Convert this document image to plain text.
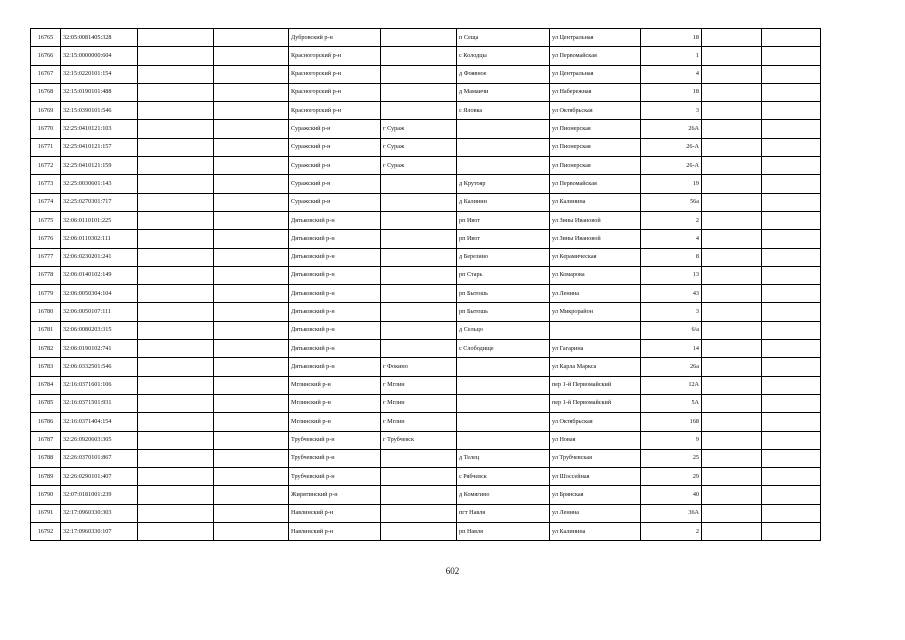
16765	32:05:0081405:328			Дубровский р-н		п Сеща	ул Центральная	18		
16766	32:15:0000000:604			Красногорский р-н		с Колодцы	ул Первомайская	1		
16767	32:15:0220101:154			Красногорский р-н		д Фоявное	ул Центральная	4		
16768	32:15:0190101:488			Красногорский р-н		д Мамаичи	ул Набережная	18		
16769	32:15:0390101:546			Красногорский р-н		с Яловка	ул Октябрьская	3		
16770	32:25:0410121:103			Суражский р-н	г Сураж		ул Пионерская	26А		
16771	32:25:0410121:157			Суражский р-н	г Сураж		ул Пионерская	26-А		
16772	32:25:0410121:159			Суражский р-н	г Сураж		ул Пионерская	26-А		
16773	32:25:0030601:143			Суражский р-н		д Крутояр	ул Первомайская	19		
16774	32:25:0270301:717			Суражский р-н		д Калинин	ул Калинина	56а		
16775	32:06:0110101:225			Дятьковский р-н		рп Ивот	ул Зины Ивановой	2		
16776	32:06:0110302:111			Дятьковский р-н		рп Ивот	ул Зины Ивановой	4		
16777	32:06:0230201:241			Дятьковский р-н		д Березино	ул Керамическая	8		
16778	32:06:0140102:149			Дятьковский р-н		рп Старь	ул Комарова	13		
16779	32:06:0050304:104			Дятьковский р-н		рп Бытошь	ул Ленина	43		
16780	32:06:0050107:111			Дятьковский р-н		рп Бытошь	ул Микрорайон	3		
16781	32:06:0080203:315			Дятьковский р-н		д Сельцо		6/а		
16782	32:06:0190102:741			Дятьковский р-н		с Слободище	ул Гагарина	14		
16783	32:06:0332501:546			Дятьковский р-н	г Фокино		ул Карла Маркса	26а		
16784	32:16:0371601:106			Мглинский р-н	г Мглин		пер 1-й Первомайский	12А		
16785	32:16:0371501:931			Мглинский р-н	г Мглин		пер 1-й Первомайский	5А		
16786	32:16:0371404:154			Мглинский р-н	г Мглин		ул Октябрьская	168		
16787	32:26:0920603:305			Трубчевский р-н	г Трубчевск		ул Новая	9		
16788	32:26:0370101:867			Трубчевский р-н		д Телец	ул Трубчевская	25		
16789	32:26:0290101:407			Трубчевский р-н		с Рябчевск	ул Шоссейная	29		
16790	32:07:0181001:239			Жирятинский р-н		д Комягино	ул Брянская	40		
16791	32:17:0960330:303			Навлинский р-н		пгт Навля	ул Ленина	36А		
16792	32:17:0960330:107			Навлинский р-н		рп Навля	ул Калинина	2		
602
